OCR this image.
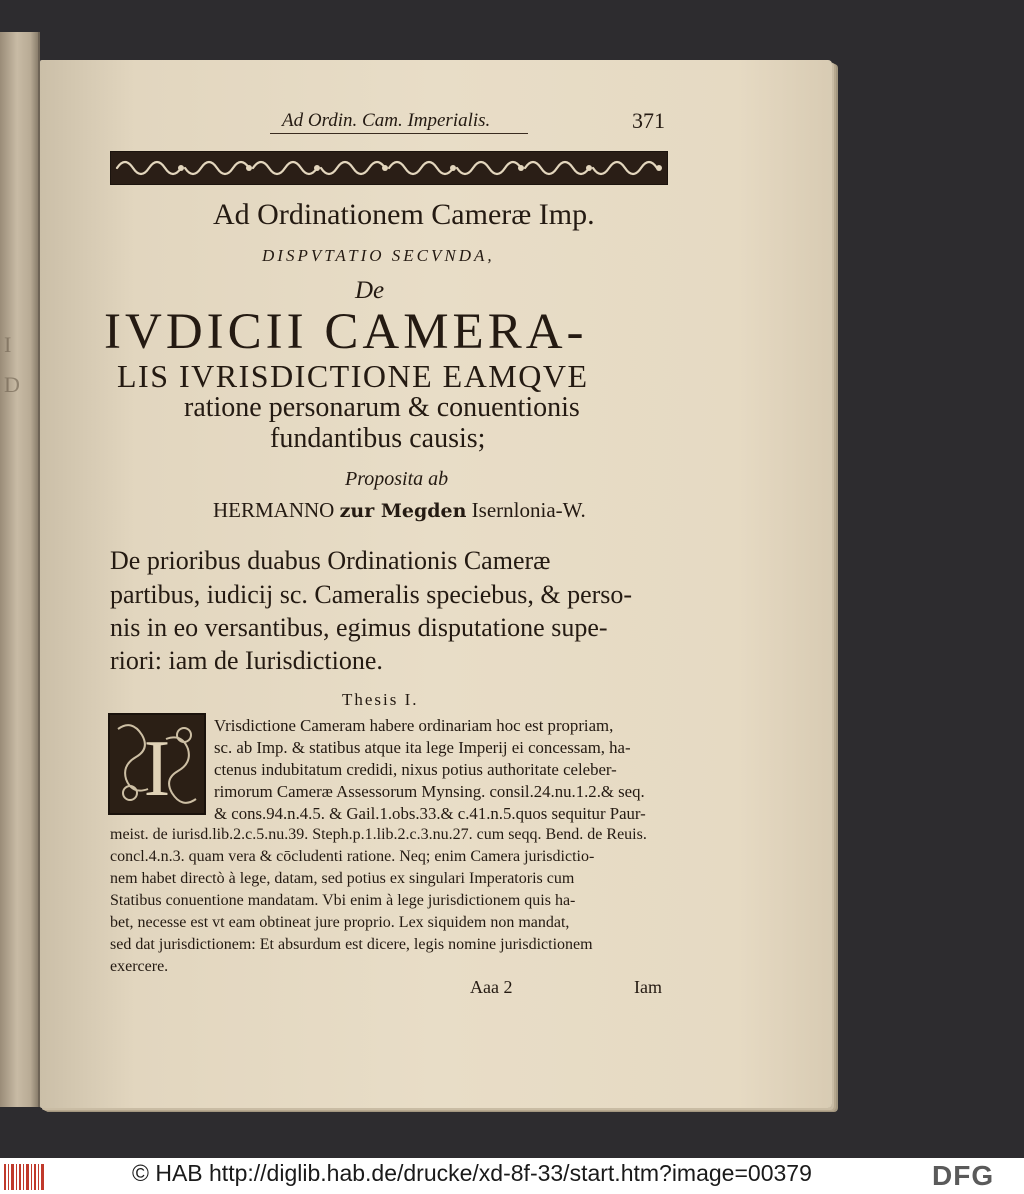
I
D
Ad Ordin. Cam. Imperialis.	371
Ad Ordinationem Cameræ Imp.
DISPVTATIO SECVNDA,
De
IVDICII CAMERA-
LIS IVRISDICTIONE EAMQVE
ratione personarum & conuentionis
fundantibus causis;
Proposita ab
HERMANNO zur Megden Isernlonia-W.
De prioribus duabus Ordinationis Cameræ
partibus, iudicij sc. Cameralis speciebus, & perso-
nis in eo versantibus, egimus disputatione supe-
riori: iam de Iurisdictione.
Thesis I.
I	Vrisdictione Cameram habere ordinariam hoc est propriam,
sc. ab Imp. & statibus atque ita lege Imperij ei concessam, ha-
ctenus indubitatum credidi, nixus potius authoritate celeber-
rimorum Cameræ Assessorum Mynsing. consil.24.nu.1.2.& seq.
& cons.94.n.4.5. & Gail.1.obs.33.& c.41.n.5.quos sequitur Paur-
meist. de iurisd.lib.2.c.5.nu.39. Steph.p.1.lib.2.c.3.nu.27. cum seqq. Bend. de Reuis.
concl.4.n.3. quam vera & cōcludenti ratione. Neq; enim Camera jurisdictio-
nem habet directò à lege, datam, sed potius ex singulari Imperatoris cum
Statibus conuentione mandatam. Vbi enim à lege jurisdictionem quis ha-
bet, necesse est vt eam obtineat jure proprio. Lex siquidem non mandat,
sed dat jurisdictionem: Et absurdum est dicere, legis nomine jurisdictionem
exercere.
Aaa 2	Iam
© HAB http://diglib.hab.de/drucke/xd-8f-33/start.htm?image=00379	DFG
